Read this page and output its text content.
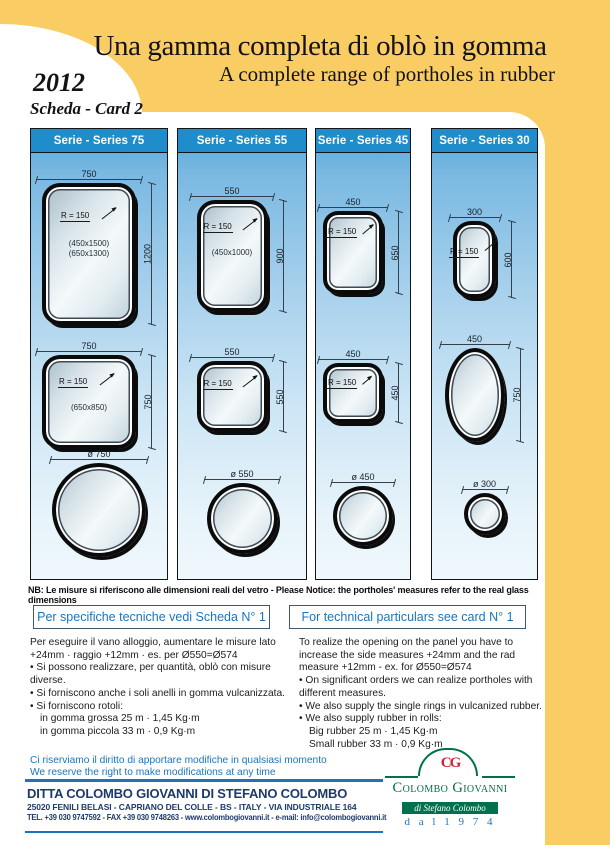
Una gamma completa di oblò in gomma
A complete range of portholes in rubber
2012
Scheda - Card 2
Serie - Series 75
750
R = 150
(450x1500)
(650x1300)	1200
750
R = 150
(650x850)	750
ø 750
Serie - Series 55
550
R = 150
(450x1000)	900
550
R = 150
550
ø 550
Serie - Series 45
450
R = 150
650
450
R = 150
450
ø 450
Serie - Series 30
300
R = 150
600
450
750
ø 300
NB: Le misure si riferiscono alle dimensioni reali del vetro - Please Notice: the portholes' measures refer to the real glass dimensions
Per specifiche tecniche vedi Scheda N° 1	For technical particulars see card N° 1

Per eseguire il vano alloggio, aumentare le misure lato +24mm · raggio +12mm · es. per Ø550=Ø574

• Si possono realizzare, per quantità, oblò con misure diverse.

• Si forniscono anche i soli anelli in gomma vulcanizzata.

• Si forniscono rotoli:

in gomma grossa 25 m · 1,45 Kg·m

in gomma piccola 33 m · 0,9 Kg·m

To realize the opening on the panel you have to increase the side measures +24mm and the rad measure +12mm - ex. for Ø550=Ø574

• On significant orders we can realize portholes with different measures.

• We also supply the single rings in vulcanized rubber.

• We also supply rubber in rolls:

Big rubber 25 m · 1,45 Kg·m

Small rubber 33 m · 0,9 Kg·m

Ci riserviamo il diritto di apportare modifiche in qualsiasi momento
We reserve the right to make modifications at any time
DITTA COLOMBO GIOVANNI DI STEFANO COLOMBO
25020 FENILI BELASI - CAPRIANO DEL COLLE - BS - ITALY - VIA INDUSTRIALE 164
TEL. +39 030 9747592 - FAX +39 030 9748263 - www.colombogiovanni.it - e-mail: info@colombogiovanni.it
CG
Colombo Giovanni
di Stefano Colombo
d a l 1 9 7 4
